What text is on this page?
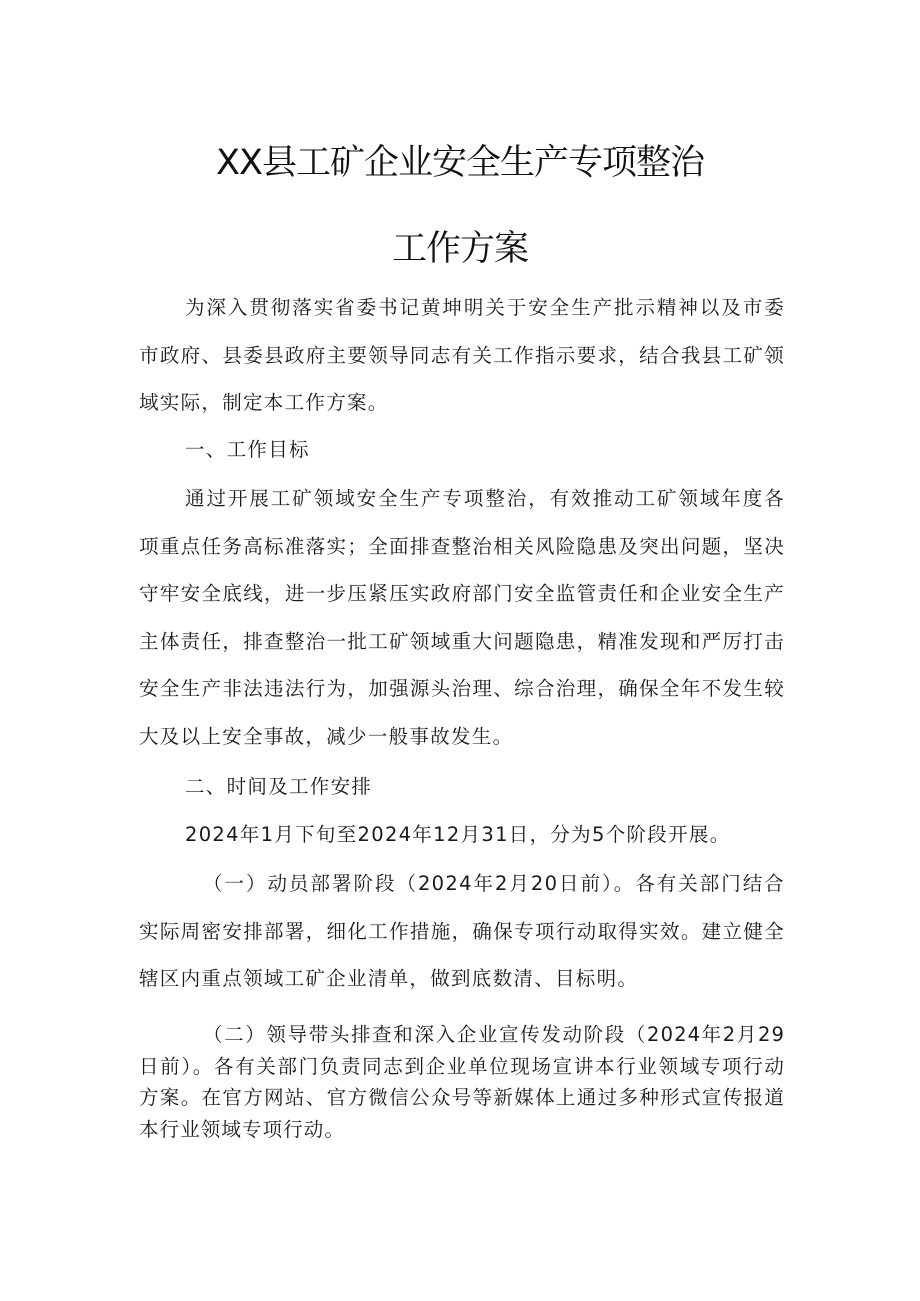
XX县工矿企业安全生产专项整治
工作方案

为深入贯彻落实省委书记黄坤明关于安全生产批示精神以及市委市政府、县委县政府主要领导同志有关工作指示要求，结合我县工矿领域实际，制定本工作方案。

一、工作目标

通过开展工矿领域安全生产专项整治，有效推动工矿领域年度各项重点任务高标准落实；全面排查整治相关风险隐患及突出问题，坚决守牢安全底线，进一步压紧压实政府部门安全监管责任和企业安全生产主体责任，排查整治一批工矿领域重大问题隐患，精准发现和严厉打击安全生产非法违法行为，加强源头治理、综合治理，确保全年不发生较大及以上安全事故，减少一般事故发生。

二、时间及工作安排

2024年1月下旬至2024年12月31日，分为5个阶段开展。

（一）动员部署阶段（2024年2月20日前）。各有关部门结合实际周密安排部署，细化工作措施，确保专项行动取得实效。建立健全辖区内重点领域工矿企业清单，做到底数清、目标明。

（二）领导带头排查和深入企业宣传发动阶段（2024年2月29日前）。各有关部门负责同志到企业单位现场宣讲本行业领域专项行动方案。在官方网站、官方微信公众号等新媒体上通过多种形式宣传报道本行业领域专项行动。
